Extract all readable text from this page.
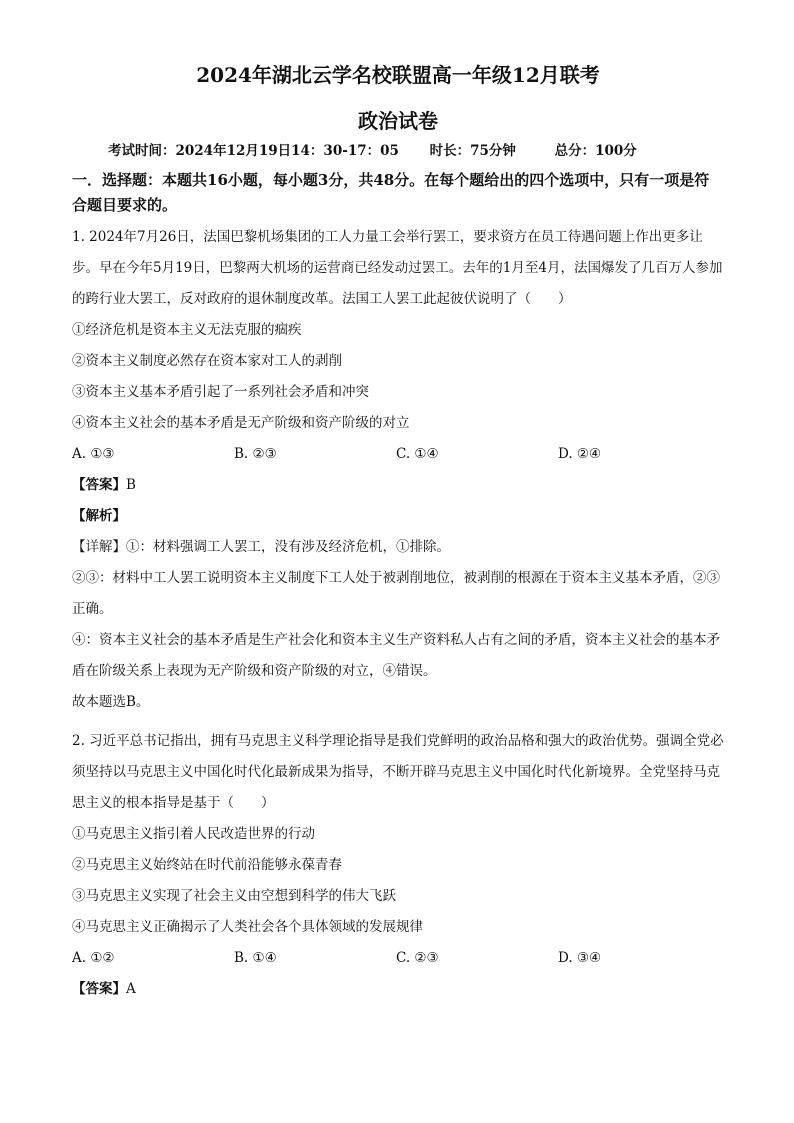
2024年湖北云学名校联盟高一年级12月联考
政治试卷
考试时间：2024年12月19日14：30-17：05 时长：75分钟	总分：100分
一．选择题：本题共16小题，每小题3分，共48分。在每个题给出的四个选项中，只有一项是符合题目要求的。

1. 2024年7月26日，法国巴黎机场集团的工人力量工会举行罢工，要求资方在员工待遇问题上作出更多让步。早在今年5月19日，巴黎两大机场的运营商已经发动过罢工。去年的1月至4月，法国爆发了几百万人参加的跨行业大罢工，反对政府的退休制度改革。法国工人罢工此起彼伏说明了（　　）

①经济危机是资本主义无法克服的痼疾

②资本主义制度必然存在资本家对工人的剥削

③资本主义基本矛盾引起了一系列社会矛盾和冲突

④资本主义社会的基本矛盾是无产阶级和资产阶级的对立

A. ①③	B. ②③	C. ①④	D. ②④

【答案】B

【解析】

【详解】①：材料强调工人罢工，没有涉及经济危机，①排除。

②③：材料中工人罢工说明资本主义制度下工人处于被剥削地位，被剥削的根源在于资本主义基本矛盾，②③正确。

④：资本主义社会的基本矛盾是生产社会化和资本主义生产资料私人占有之间的矛盾，资本主义社会的基本矛盾在阶级关系上表现为无产阶级和资产阶级的对立，④错误。

故本题选B。

2. 习近平总书记指出，拥有马克思主义科学理论指导是我们党鲜明的政治品格和强大的政治优势。强调全党必须坚持以马克思主义中国化时代化最新成果为指导，不断开辟马克思主义中国化时代化新境界。全党坚持马克思主义的根本指导是基于（　　）

①马克思主义指引着人民改造世界的行动

②马克思主义始终站在时代前沿能够永葆青春

③马克思主义实现了社会主义由空想到科学的伟大飞跃

④马克思主义正确揭示了人类社会各个具体领域的发展规律

A. ①②	B. ①④	C. ②③	D. ③④

【答案】A
